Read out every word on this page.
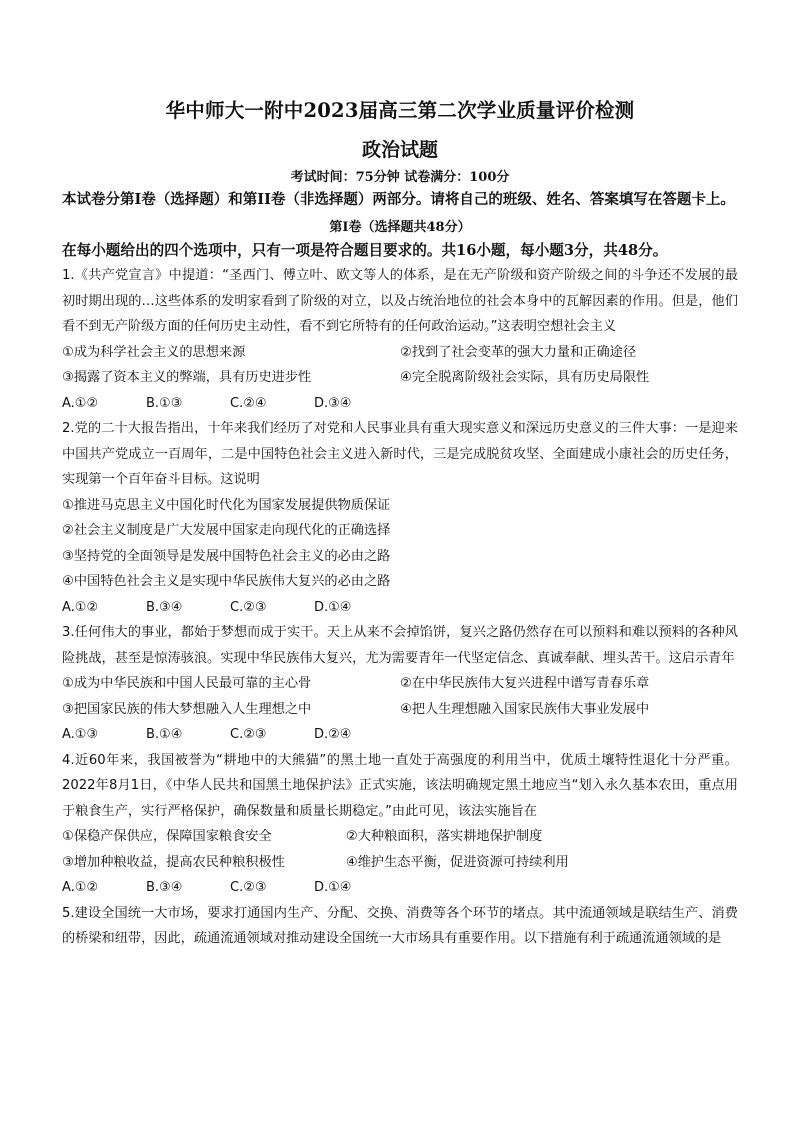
华中师大一附中2023届高三第二次学业质量评价检测
政治试题
考试时间：75分钟 试卷满分：100分
本试卷分第I卷（选择题）和第II卷（非选择题）两部分。请将自己的班级、姓名、答案填写在答题卡上。
第I卷（选择题共48分）
在每小题给出的四个选项中，只有一项是符合题目要求的。共16小题，每小题3分，共48分。
1.《共产党宣言》中提道：“圣西门、傅立叶、欧文等人的体系，是在无产阶级和资产阶级之间的斗争还不发展的最初时期出现的…这些体系的发明家看到了阶级的对立，以及占统治地位的社会本身中的瓦解因素的作用。但是，他们看不到无产阶级方面的任何历史主动性，看不到它所特有的任何政治运动。”这表明空想社会主义
①成为科学社会主义的思想来源	②找到了社会变革的强大力量和正确途径
③揭露了资本主义的弊端，具有历史进步性	④完全脱离阶级社会实际，具有历史局限性
A.①②	B.①③	C.②④	D.③④
2.党的二十大报告指出，十年来我们经历了对党和人民事业具有重大现实意义和深远历史意义的三件大事：一是迎来中国共产党成立一百周年，二是中国特色社会主义进入新时代，三是完成脱贫攻坚、全面建成小康社会的历史任务，实现第一个百年奋斗目标。这说明
①推进马克思主义中国化时代化为国家发展提供物质保证
②社会主义制度是广大发展中国家走向现代化的正确选择
③坚持党的全面领导是发展中国特色社会主义的必由之路
④中国特色社会主义是实现中华民族伟大复兴的必由之路
A.①②	B.③④	C.②③	D.①④
3.任何伟大的事业，都始于梦想而成于实干。天上从来不会掉馅饼，复兴之路仍然存在可以预料和难以预料的各种风险挑战，甚至是惊涛骇浪。实现中华民族伟大复兴，尤为需要青年一代坚定信念、真诚奉献、埋头苦干。这启示青年
①成为中华民族和中国人民最可靠的主心骨	②在中华民族伟大复兴进程中谱写青春乐章
③把国家民族的伟大梦想融入人生理想之中	④把人生理想融入国家民族伟大事业发展中
A.①③	B.①④	C.②③	D.②④
4.近60年来，我国被誉为“耕地中的大熊猫”的黑土地一直处于高强度的利用当中，优质土壤特性退化十分严重。2022年8月1日，《中华人民共和国黑土地保护法》正式实施，该法明确规定黑土地应当“划入永久基本农田，重点用于粮食生产，实行严格保护，确保数量和质量长期稳定。”由此可见，该法实施旨在
①保稳产保供应，保障国家粮食安全	②大种粮面积，落实耕地保护制度
③增加种粮收益，提高农民种粮积极性	④维护生态平衡，促进资源可持续利用
A.①②	B.③④	C.②③	D.①④
5.建设全国统一大市场，要求打通国内生产、分配、交换、消费等各个环节的堵点。其中流通领域是联结生产、消费的桥梁和纽带，因此，疏通流通领域对推动建设全国统一大市场具有重要作用。以下措施有利于疏通流通领域的是
